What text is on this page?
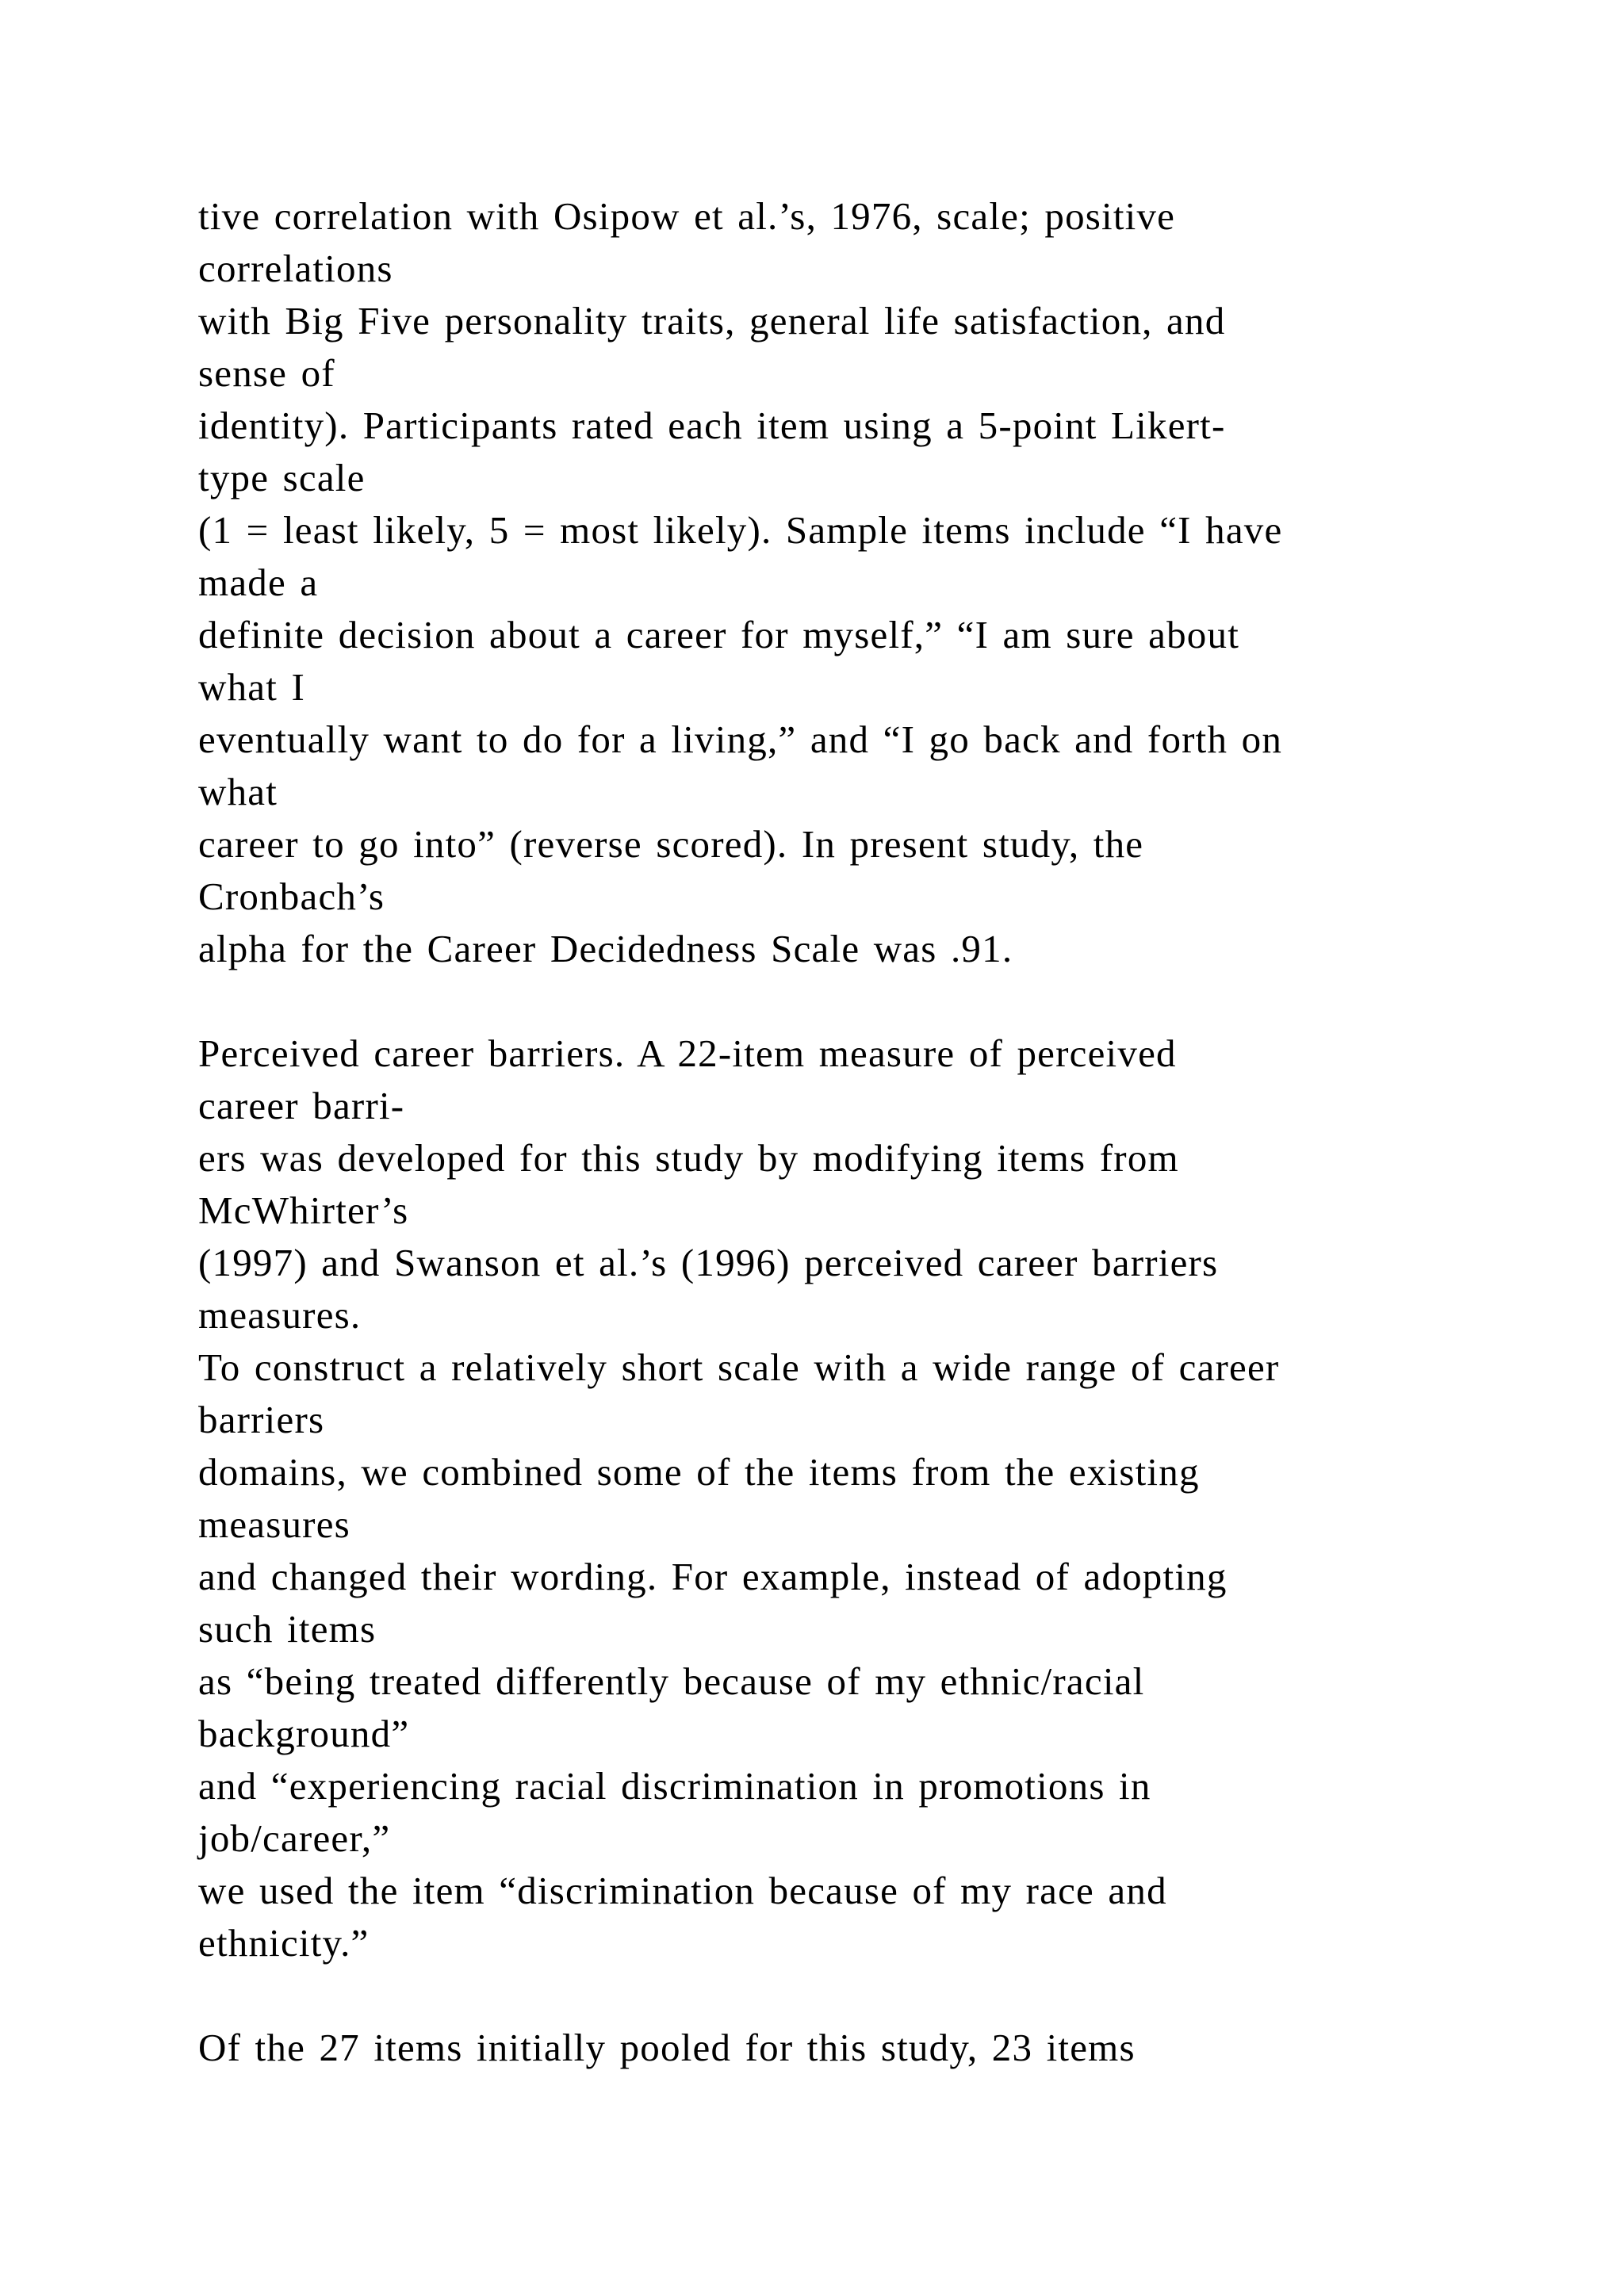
tive correlation with Osipow et al.’s, 1976, scale; positive
correlations
with Big Five personality traits, general life satisfaction, and
sense of
identity). Participants rated each item using a 5-point Likert-
type scale
(1 = least likely, 5 = most likely). Sample items include “I have
made a
definite decision about a career for myself,” “I am sure about
what I
eventually want to do for a living,” and “I go back and forth on
what
career to go into” (reverse scored). In present study, the
Cronbach’s
alpha for the Career Decidedness Scale was .91.
Perceived career barriers. A 22-item measure of perceived
career barri-
ers was developed for this study by modifying items from
McWhirter’s
(1997) and Swanson et al.’s (1996) perceived career barriers
measures.
To construct a relatively short scale with a wide range of career
barriers
domains, we combined some of the items from the existing
measures
and changed their wording. For example, instead of adopting
such items
as “being treated differently because of my ethnic/racial
background”
and “experiencing racial discrimination in promotions in
job/career,”
we used the item “discrimination because of my race and
ethnicity.”
Of the 27 items initially pooled for this study, 23 items
